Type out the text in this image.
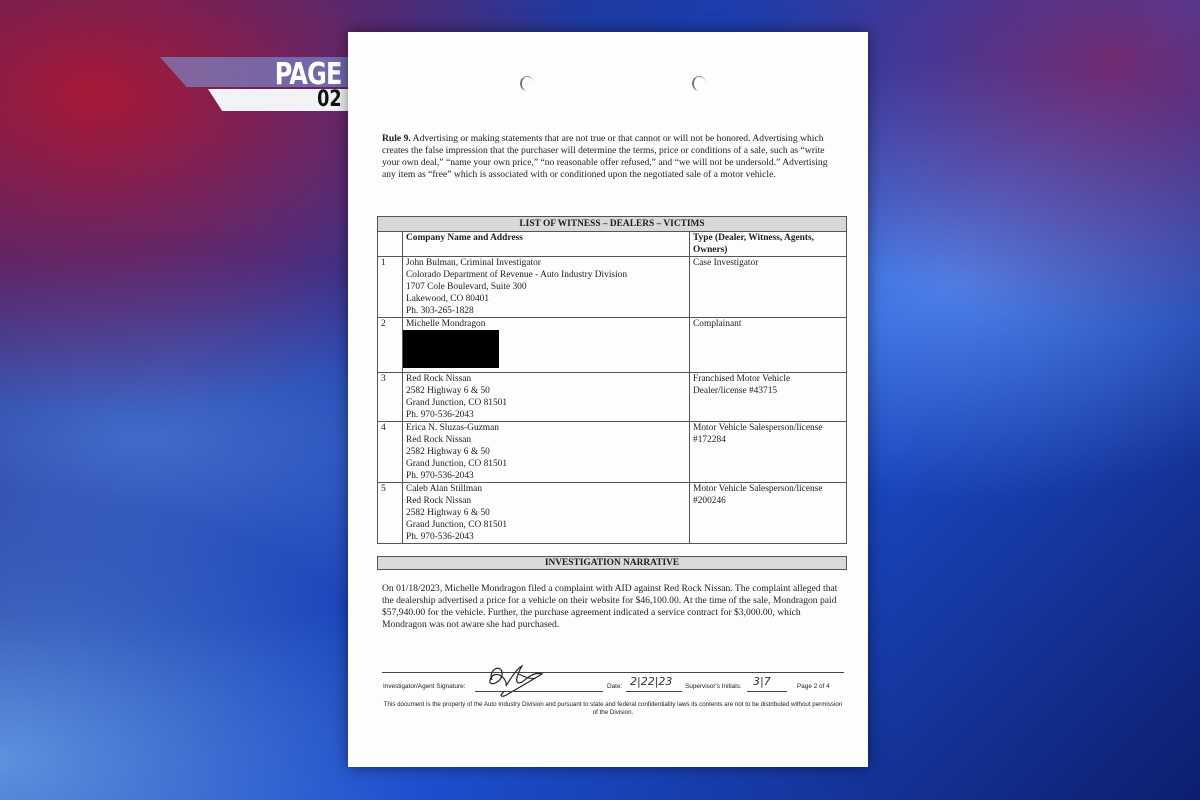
PAGE
02
Rule 9. Advertising or making statements that are not true or that cannot or will not be honored. Advertising which creates the false impression that the purchaser will determine the terms, price or conditions of a sale, such as “write your own deal,” “name your own price,” “no reasonable offer refused,” and “we will not be undersold.” Advertising any item as “free” which is associated with or conditioned upon the negotiated sale of a motor vehicle.
LIST OF WITNESS – DEALERS – VICTIMS		
	Company Name and Address	Type (Dealer, Witness, Agents, Owners)
1	John Bulman, Criminal Investigator
Colorado Department of Revenue - Auto Industry Division
1707 Cole Boulevard, Suite 300
Lakewood, CO 80401
Ph. 303-265-1828	Case Investigator
2	Michelle Mondragon	Complainant
3	Red Rock Nissan
2582 Highway 6 & 50
Grand Junction, CO 81501
Ph. 970-536-2043	Franchised Motor Vehicle Dealer/license #43715
4	Erica N. Sluzas-Guzman
Red Rock Nissan
2582 Highway 6 & 50
Grand Junction, CO 81501
Ph. 970-536-2043	Motor Vehicle Salesperson/license #172284
5	Caleb Alan Stillman
Red Rock Nissan
2582 Highway 6 & 50
Grand Junction, CO 81501
Ph. 970-536-2043	Motor Vehicle Salesperson/license #200246
INVESTIGATION NARRATIVE
On 01/18/2023, Michelle Mondragon filed a complaint with AID against Red Rock Nissan. The complaint alleged that the dealership advertised a price for a vehicle on their website for $46,100.00. At the time of the sale, Mondragon paid $57,940.00 for the vehicle. Further, the purchase agreement indicated a service contract for $3,000.00, which Mondragon was not aware she had purchased.
Investigator/Agent Signature:	Date: 2|22|23 Supervisor's Initials: 3|7	Page 2 of 4
This document is the property of the Auto Industry Division and pursuant to state and federal confidentiality laws its contents are not to be distributed without permission of the Division.
